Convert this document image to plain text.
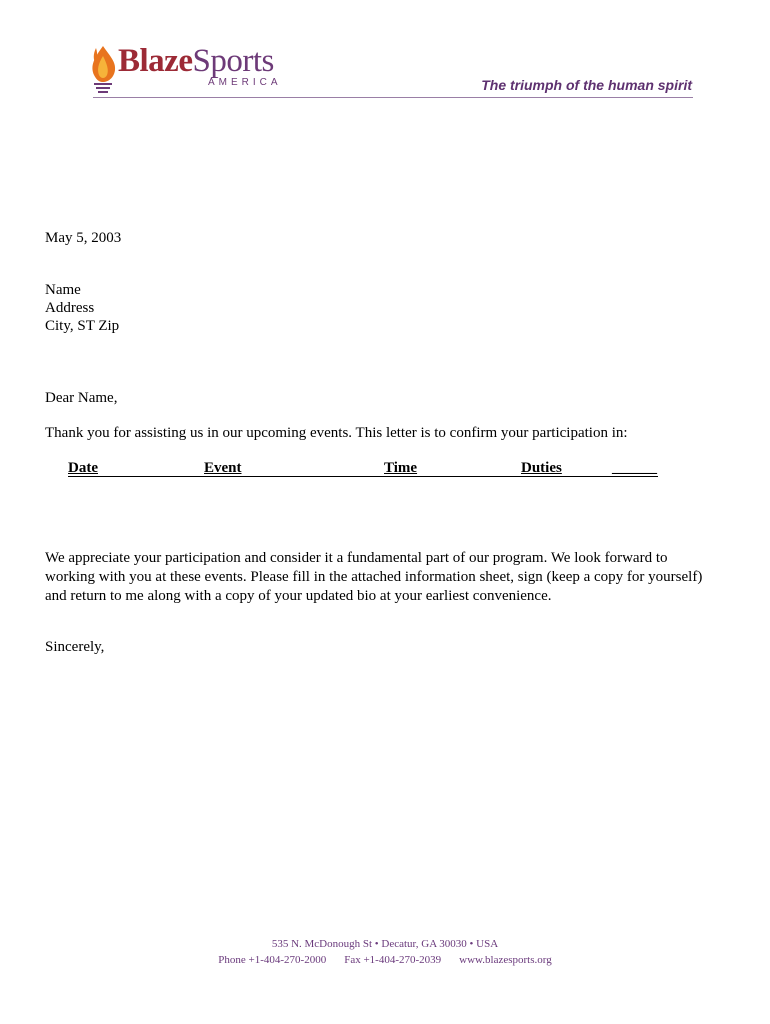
BlazeSports
AMERICA	The triumph of the human spirit
May 5, 2003
Name
Address
City, ST Zip
Dear Name,
Thank you for assisting us in our upcoming events. This letter is to confirm your participation in:
Date	Event	Time	Duties	______
We appreciate your participation and consider it a fundamental part of our program. We look forward to
working with you at these events. Please fill in the attached information sheet, sign (keep a copy for yourself)
and return to me along with a copy of your updated bio at your earliest convenience.
Sincerely,
535 N. McDonough St • Decatur, GA 30030 • USA
Phone +1-404-270-2000 Fax +1-404-270-2039 www.blazesports.org
